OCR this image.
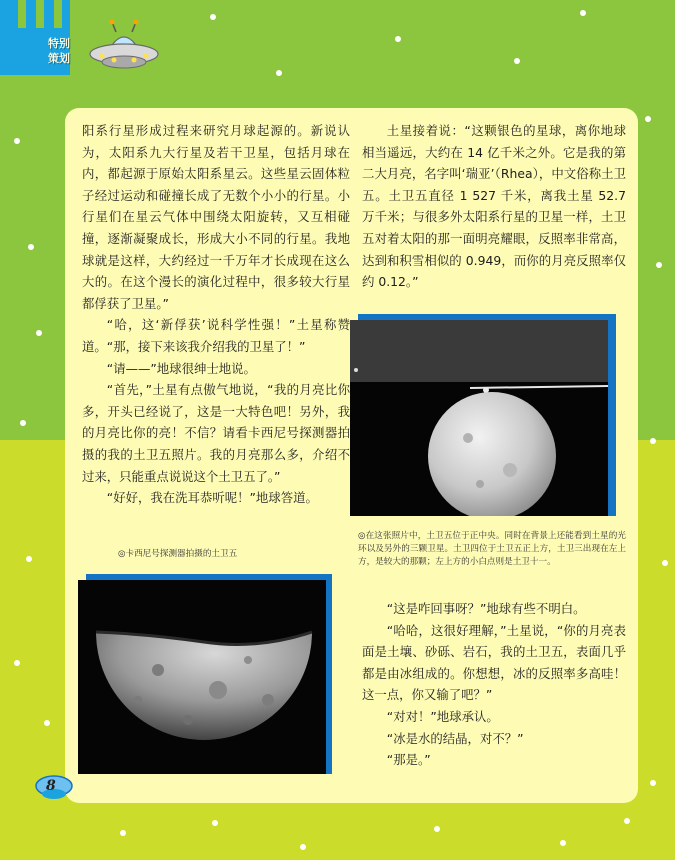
特别
策划

阳系行星形成过程来研究月球起源的。新说认为，太阳系九大行星及若干卫星，包括月球在内，都起源于原始太阳系星云。这些星云固体粒子经过运动和碰撞长成了无数个小小的行星。小行星们在星云气体中围绕太阳旋转，又互相碰撞，逐渐凝聚成长，形成大小不同的行星。我地球就是这样，大约经过一千万年才长成现在这么大的。在这个漫长的演化过程中，很多较大行星都俘获了卫星。”

“哈，这‘新俘获’说科学性强！”土星称赞道。“那，接下来该我介绍我的卫星了！”

“请——”地球很绅士地说。

“首先，”土星有点傲气地说，“我的月亮比你多，开头已经说了，这是一大特色吧！另外，我的月亮比你的亮！不信？请看卡西尼号探测器拍摄的我的土卫五照片。我的月亮那么多，介绍不过来，只能重点说说这个土卫五了。”

“好好，我在洗耳恭听呢！”地球答道。

◎卡西尼号探测器拍摄的土卫五

土星接着说：“这颗银色的星球，离你地球相当遥远，大约在 14 亿千米之外。它是我的第二大月亮，名字叫‘瑞亚’（Rhea），中文俗称土卫五。土卫五直径 1 527 千米，离我土星 52.7 万千米；与很多外太阳系行星的卫星一样，土卫五对着太阳的那一面明亮耀眼，反照率非常高，达到和积雪相似的 0.949，而你的月亮反照率仅约 0.12。”

◎在这张照片中，土卫五位于正中央。同时在背景上还能看到土星的光环以及另外的三颗卫星。土卫四位于土卫五正上方，土卫三出现在左上方，是较大的那颗；左上方的小白点则是土卫十一。

“这是咋回事呀？”地球有些不明白。

“哈哈，这很好理解，”土星说，“你的月亮表面是土壤、砂砾、岩石，我的土卫五，表面几乎都是由冰组成的。你想想，冰的反照率多高哇！这一点，你又输了吧？”

“对对！”地球承认。

“冰是水的结晶，对不？”

“那是。”

8
